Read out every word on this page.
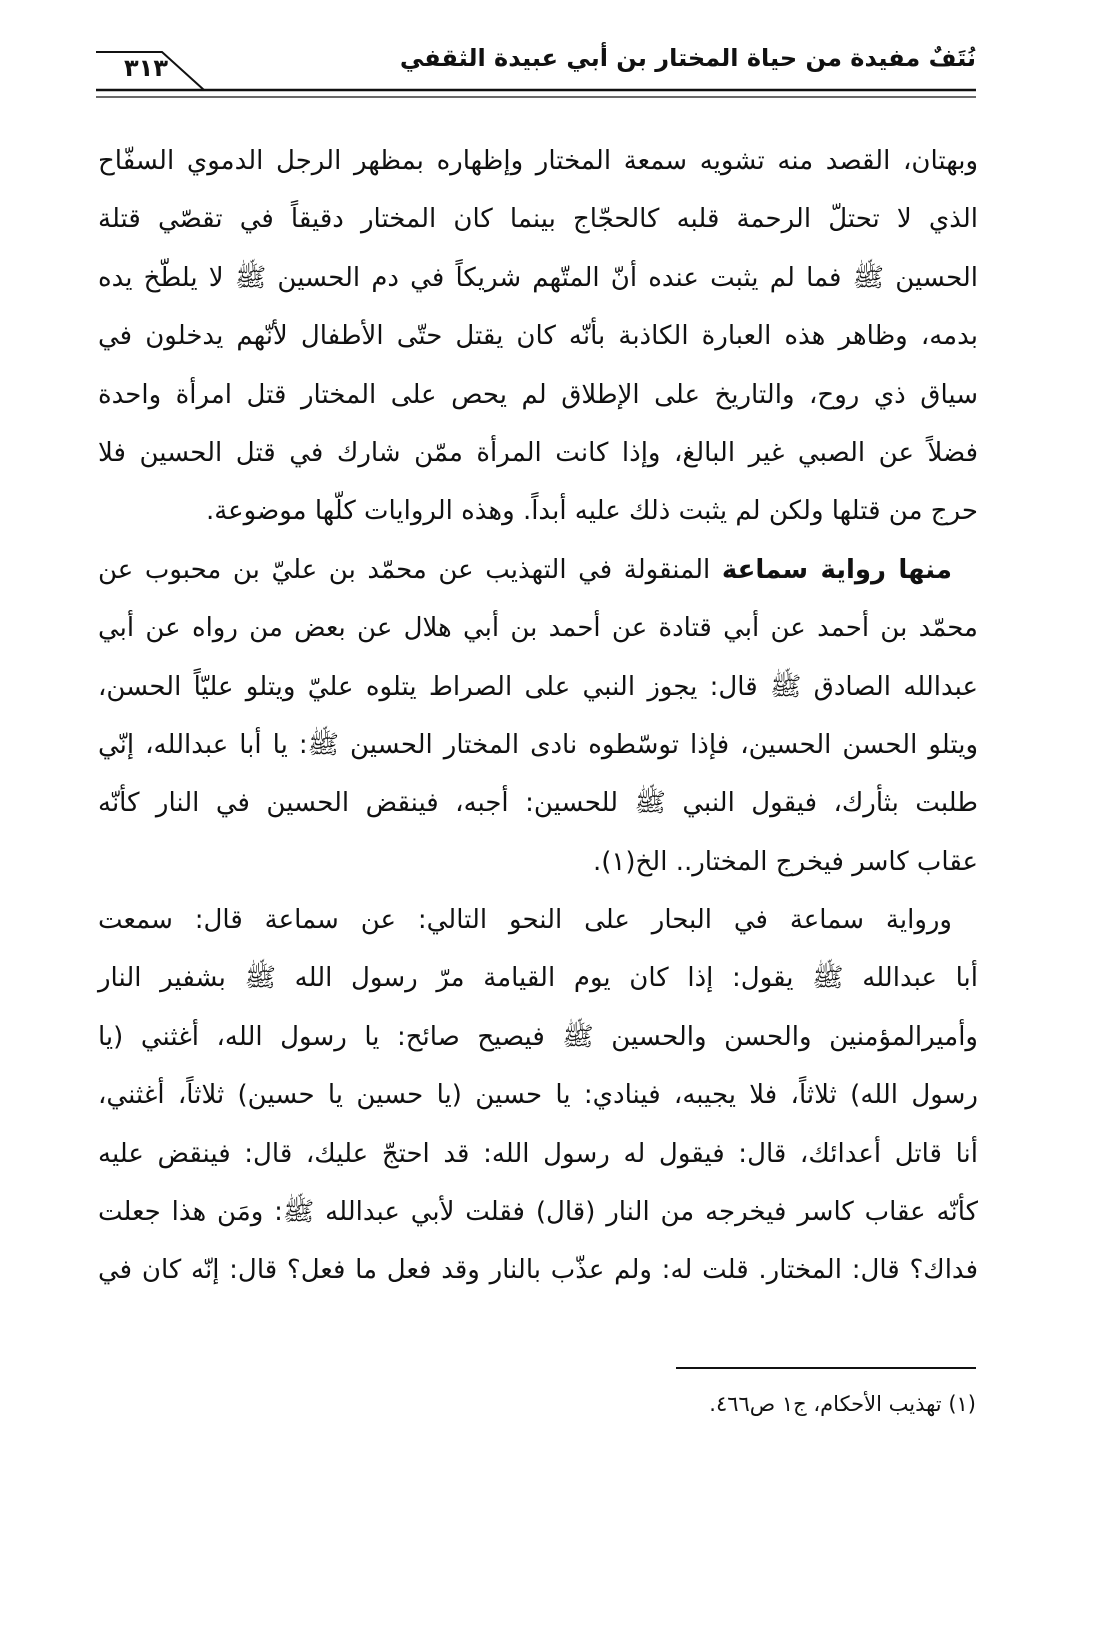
٣١٣	نُتَفٌ مفيدة من حياة المختار بن أبي عبيدة الثقفي
وبهتان، القصد منه تشويه سمعة المختار وإظهاره بمظهر الرجل الدموي السفّاح
الذي لا تحتلّ الرحمة قلبه كالحجّاج بينما كان المختار دقيقاً في تقصّي قتلة
الحسين ﷺ فما لم يثبت عنده أنّ المتّهم شريكاً في دم الحسين ﷺ لا يلطّخ يده
بدمه، وظاهر هذه العبارة الكاذبة بأنّه كان يقتل حتّى الأطفال لأنّهم يدخلون في
سياق ذي روح، والتاريخ على الإطلاق لم يحص على المختار قتل امرأة واحدة
فضلاً عن الصبي غير البالغ، وإذا كانت المرأة ممّن شارك في قتل الحسين فلا
حرج من قتلها ولكن لم يثبت ذلك عليه أبداً. وهذه الروايات كلّها موضوعة.
منها رواية سماعة المنقولة في التهذيب عن محمّد بن عليّ بن محبوب عن
محمّد بن أحمد عن أبي قتادة عن أحمد بن أبي هلال عن بعض من رواه عن أبي
عبدالله الصادق ﷺ قال: يجوز النبي على الصراط يتلوه عليّ ويتلو عليّاً الحسن،
ويتلو الحسن الحسين، فإذا توسّطوه نادى المختار الحسين ﷺ: يا أبا عبدالله، إنّي
طلبت بثأرك، فيقول النبي ﷺ للحسين: أجبه، فينقض الحسين في النار كأنّه
عقاب كاسر فيخرج المختار.. الخ(١).
ورواية سماعة في البحار على النحو التالي: عن سماعة قال: سمعت
أبا عبدالله ﷺ يقول: إذا كان يوم القيامة مرّ رسول الله ﷺ بشفير النار
وأميرالمؤمنين والحسن والحسين ﷺ فيصيح صائح: يا رسول الله، أغثني (يا
رسول الله) ثلاثاً، فلا يجيبه، فينادي: يا حسين (يا حسين يا حسين) ثلاثاً، أغثني،
أنا قاتل أعدائك، قال: فيقول له رسول الله: قد احتجّ عليك، قال: فينقض عليه
كأنّه عقاب كاسر فيخرجه من النار (قال) فقلت لأبي عبدالله ﷺ: ومَن هذا جعلت
فداك؟ قال: المختار. قلت له: ولم عذّب بالنار وقد فعل ما فعل؟ قال: إنّه كان في
(١) تهذيب الأحكام، ج١ ص٤٦٦.
